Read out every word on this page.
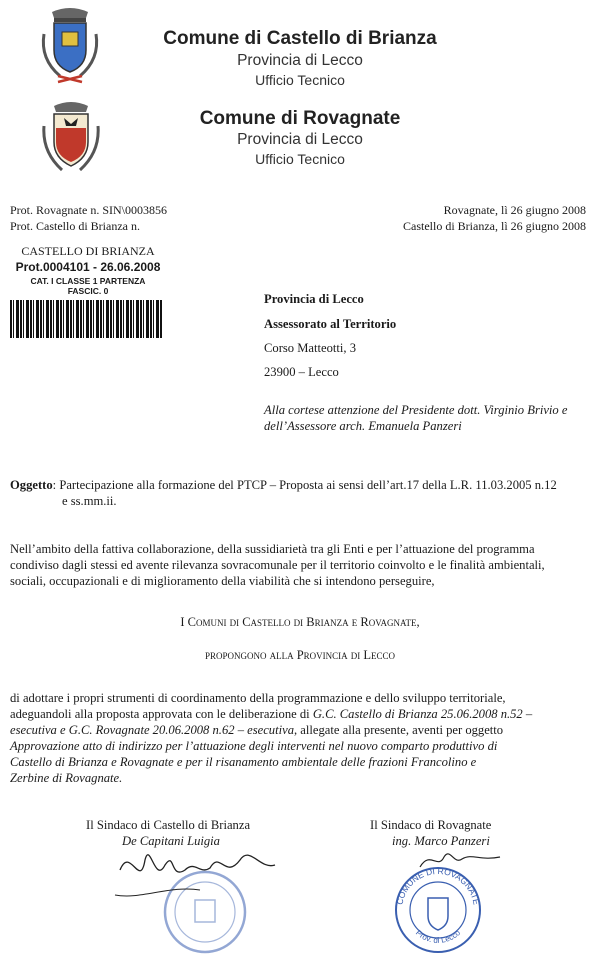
Comune di Castello di Brianza
Provincia di Lecco
Ufficio Tecnico
Comune di Rovagnate
Provincia di Lecco
Ufficio Tecnico
Prot. Rovagnate n. SIN\0003856
Prot. Castello di Brianza n.
Rovagnate, lì 26 giugno 2008
Castello di Brianza, lì 26 giugno 2008
CASTELLO DI BRIANZA
Prot.0004101 - 26.06.2008
CAT. I CLASSE 1 PARTENZA
FASCIC. 0
Provincia di Lecco
Assessorato al Territorio
Corso Matteotti, 3
23900 – Lecco
Alla cortese attenzione del Presidente dott. Virginio Brivio e
dell’Assessore arch. Emanuela Panzeri
Oggetto: Partecipazione alla formazione del PTCP – Proposta ai sensi dell’art.17 della L.R. 11.03.2005 n.12
e ss.mm.ii.
Nell’ambito della fattiva collaborazione, della sussidiarietà tra gli Enti e per l’attuazione del programma
condiviso dagli stessi ed avente rilevanza sovracomunale per il territorio coinvolto e le finalità ambientali,
sociali, occupazionali e di miglioramento della viabilità che si intendono perseguire,
I Comuni di Castello di Brianza e Rovagnate,
propongono alla Provincia di Lecco
di adottare i propri strumenti di coordinamento della programmazione e dello sviluppo territoriale,
adeguandoli alla proposta approvata con le deliberazione di G.C. Castello di Brianza 25.06.2008 n.52 –
esecutiva e G.C. Rovagnate 20.06.2008 n.62 – esecutiva, allegate alla presente, aventi per oggetto
Approvazione atto di indirizzo per l’attuazione degli interventi nel nuovo comparto produttivo di
Castello di Brianza e Rovagnate e per il risanamento ambientale delle frazioni Francolino e
Zerbine di Rovagnate.
Il Sindaco di Castello di Brianza
De Capitani Luigia
Il Sindaco di Rovagnate
ing. Marco Panzeri
COMUNE DI ROVAGNATE
Prov. di Lecco
